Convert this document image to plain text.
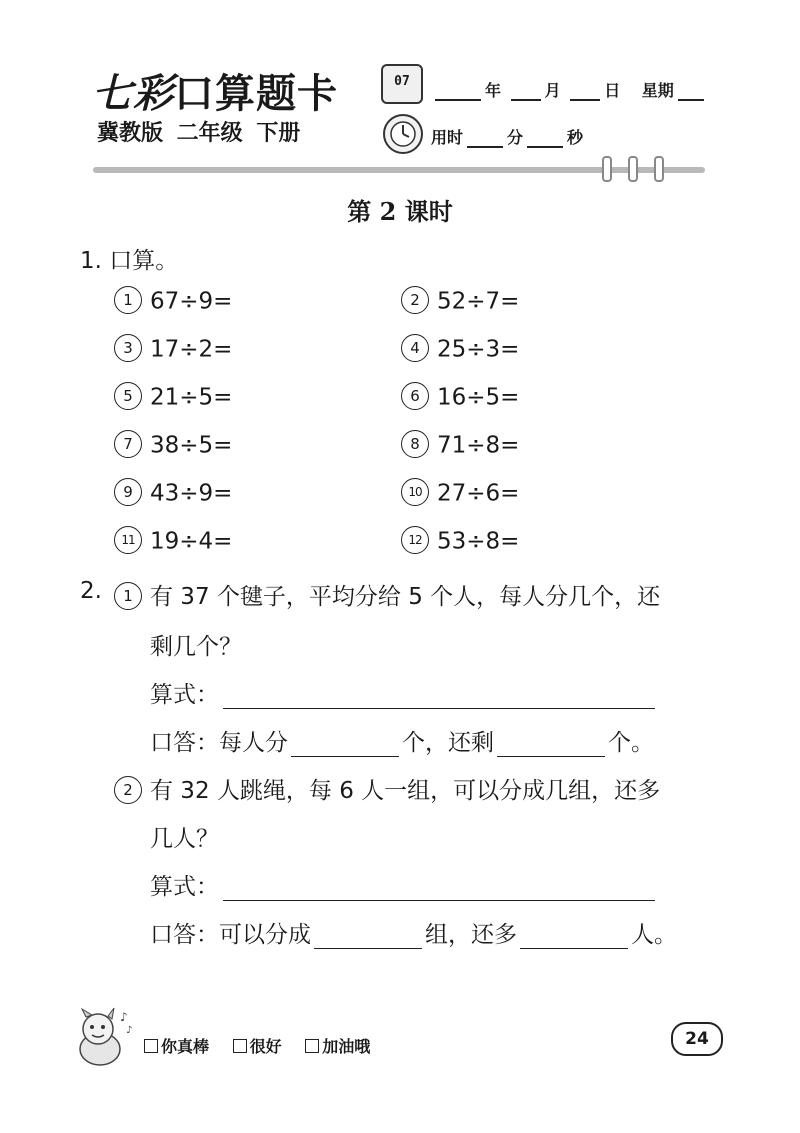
七彩口算题卡
冀教版 二年级 下册
07	年	月	日 星期
用时	分	秒
第 2 课时
1. 口算。
1 67÷9=	2 52÷7=
3 17÷2=	4 25÷3=
5 21÷5=	6 16÷5=
7 38÷5=	8 71÷8=
9 43÷9=	10 27÷6=
11 19÷4=	12 53÷8=
2.	1 有 37 个毽子，平均分给 5 个人，每人分几个，还
剩几个？
算式：
口答：每人分	个，还剩	个。
2 有 32 人跳绳，每 6 人一组，可以分成几组，还多
几人？
算式：
口答：可以分成	组，还多	人。
♪
♪
你真棒	很好	加油哦	24
